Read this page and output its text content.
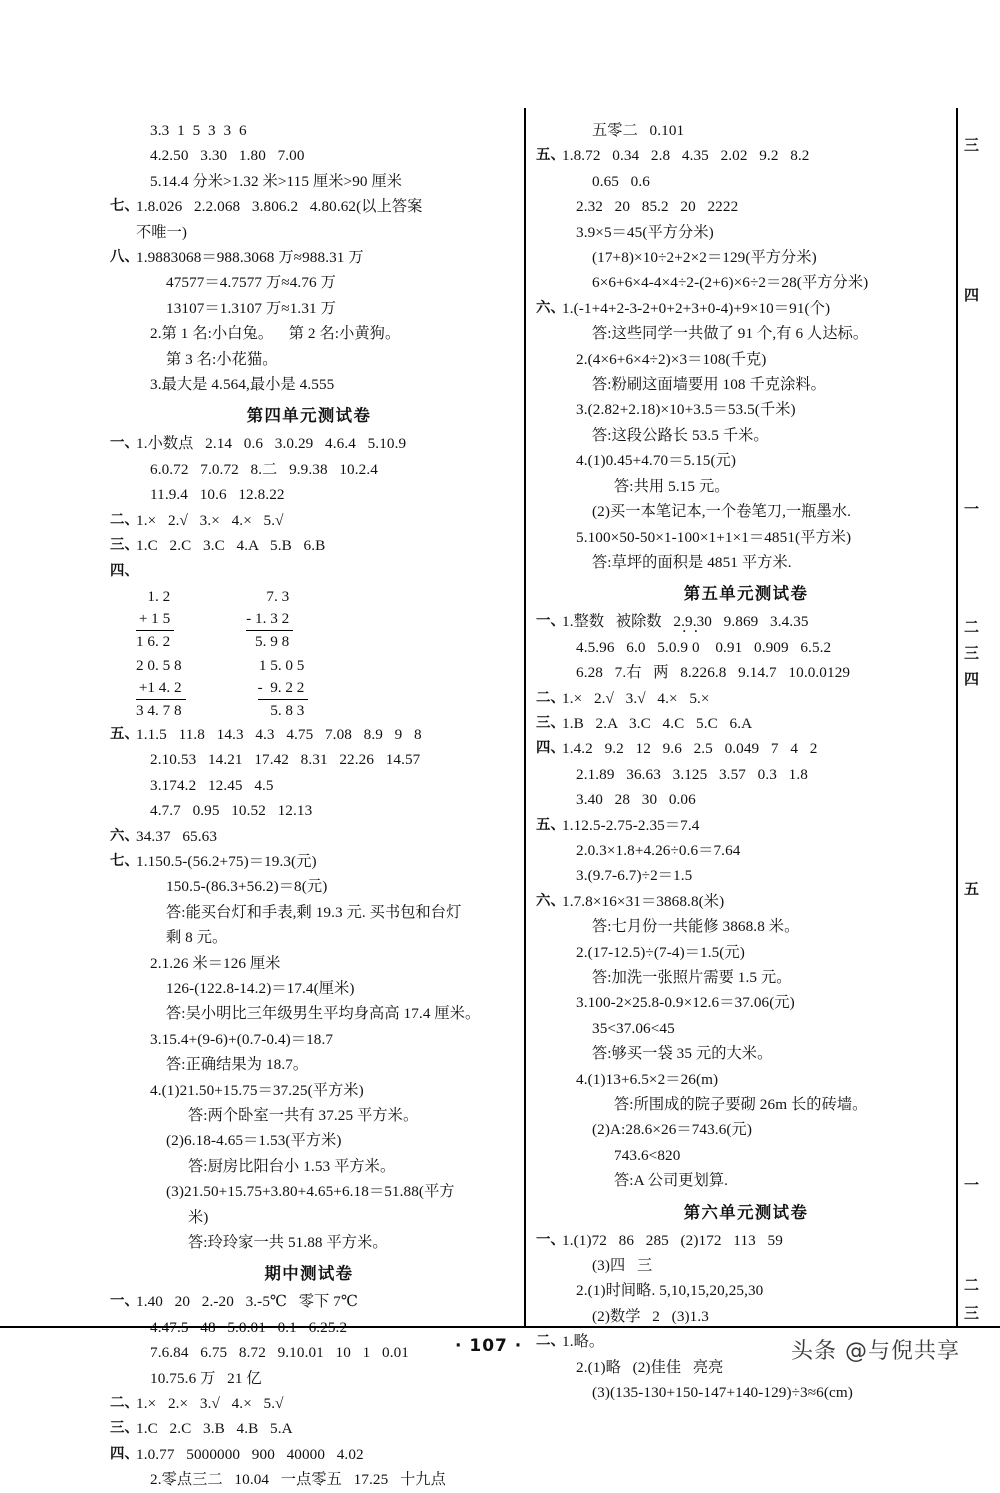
3.3  1  5  3  3  6
4.2.50   3.30   1.80   7.00
5.14.4 分米>1.32 米>115 厘米>90 厘米
七、
1.8.026   2.2.068   3.806.2   4.80.62(以上答案
不唯一)
八、
1.9883068＝988.3068 万≈988.31 万
47577＝4.7577 万≈4.76 万
13107＝1.3107 万≈1.31 万
2.第 1 名:小白兔。    第 2 名:小黄狗。
第 3 名:小花猫。
3.最大是 4.564,最小是 4.555
第四单元测试卷
一、
1.小数点   2.14   0.6   3.0.29   4.6.4   5.10.9
6.0.72   7.0.72   8.二   9.9.38   10.2.4
11.9.4   10.6   12.8.22
二、
1.×   2.√   3.×   4.×   5.√
三、
1.C   2.C   3.C   4.A   5.B   6.B
四、
1. 2
+ 1 5
1 6. 2
7. 3
- 1. 3 2
5. 9 8
2 0. 5 8
+1 4. 2
3 4. 7 8
1 5. 0 5
-  9. 2 2
5. 8 3
五、
1.1.5   11.8   14.3   4.3   4.75   7.08   8.9   9   8
2.10.53   14.21   17.42   8.31   22.26   14.57
3.174.2   12.45   4.5
4.7.7   0.95   10.52   12.13
六、
34.37   65.63
七、
1.150.5-(56.2+75)＝19.3(元)
150.5-(86.3+56.2)＝8(元)
答:能买台灯和手表,剩 19.3 元. 买书包和台灯
剩 8 元。
2.1.26 米＝126 厘米
126-(122.8-14.2)＝17.4(厘米)
答:吴小明比三年级男生平均身高高 17.4 厘米。
3.15.4+(9-6)+(0.7-0.4)＝18.7
答:正确结果为 18.7。
4.(1)21.50+15.75＝37.25(平方米)
答:两个卧室一共有 37.25 平方米。
(2)6.18-4.65＝1.53(平方米)
答:厨房比阳台小 1.53 平方米。
(3)21.50+15.75+3.80+4.65+6.18＝51.88(平方
米)
答:玲玲家一共 51.88 平方米。
期中测试卷
一、
1.40   20   2.-20   3.-5℃   零下 7℃
7.6.84   6.75   8.72   9.10.01   10   1   0.01
10.75.6 万   21 亿
二、
1.×   2.×   3.√   4.×   5.√
三、
1.C   2.C   3.B   4.B   5.A
四、
1.0.77   5000000   900   40000   4.02
2.零点三二   10.04   一点零五   17.25   十九点
五零二   0.101
五、
1.8.72   0.34   2.8   4.35   2.02   9.2   8.2
0.65   0.6
2.32   20   85.2   20   2222
3.9×5＝45(平方分米)
(17+8)×10÷2+2×2＝129(平方分米)
6×6+6×4-4×4÷2-(2+6)×6÷2＝28(平方分米)
六、
1.(-1+4+2-3-2+0+2+3+0-4)+9×10＝91(个)
答:这些同学一共做了 91 个,有 6 人达标。
2.(4×6+6×4÷2)×3＝108(千克)
答:粉刷这面墙要用 108 千克涂料。
3.(2.82+2.18)×10+3.5＝53.5(千米)
答:这段公路长 53.5 千米。
4.(1)0.45+4.70＝5.15(元)
答:共用 5.15 元。
(2)买一本笔记本,一个卷笔刀,一瓶墨水.
5.100×50-50×1-100×1+1×1＝4851(平方米)
答:草坪的面积是 4851 平方米.
第五单元测试卷
一、
1.整数   被除数   2.9.30   9.869   3.4.35
4.5.96   6.0   5.0.˙ 9 ˙ 0    0.91   0.909   6.5.2
6.28   7.右   两   8.226.8   9.14.7   10.0.0129
二、
1.×   2.√   3.√   4.×   5.×
三、
1.B   2.A   3.C   4.C   5.C   6.A
四、
1.4.2   9.2   12   9.6   2.5   0.049   7   4   2
2.1.89   36.63   3.125   3.57   0.3   1.8
3.40   28   30   0.06
五、
1.12.5-2.75-2.35＝7.4
2.0.3×1.8+4.26÷0.6＝7.64
3.(9.7-6.7)÷2＝1.5
六、
1.7.8×16×31＝3868.8(米)
答:七月份一共能修 3868.8 米。
2.(17-12.5)÷(7-4)＝1.5(元)
答:加洗一张照片需要 1.5 元。
3.100-2×25.8-0.9×12.6＝37.06(元)
35<37.06<45
答:够买一袋 35 元的大米。
4.(1)13+6.5×2＝26(m)
答:所围成的院子要砌 26m 长的砖墙。
(2)A:28.6×26＝743.6(元)
743.6<820
答:A 公司更划算.
第六单元测试卷
一、
1.(1)72   86   285   (2)172   113   59
(3)四   三
2.(1)时间略. 5,10,15,20,25,30
(2)数学   2   (3)1.3
二、
1.略。
2.(1)略   (2)佳佳   亮亮
(3)(135-130+150-147+140-129)÷3≈6(cm)
三
四
一
二
三
四
五
一
二
三
· 107 ·	头条 @与倪共享
